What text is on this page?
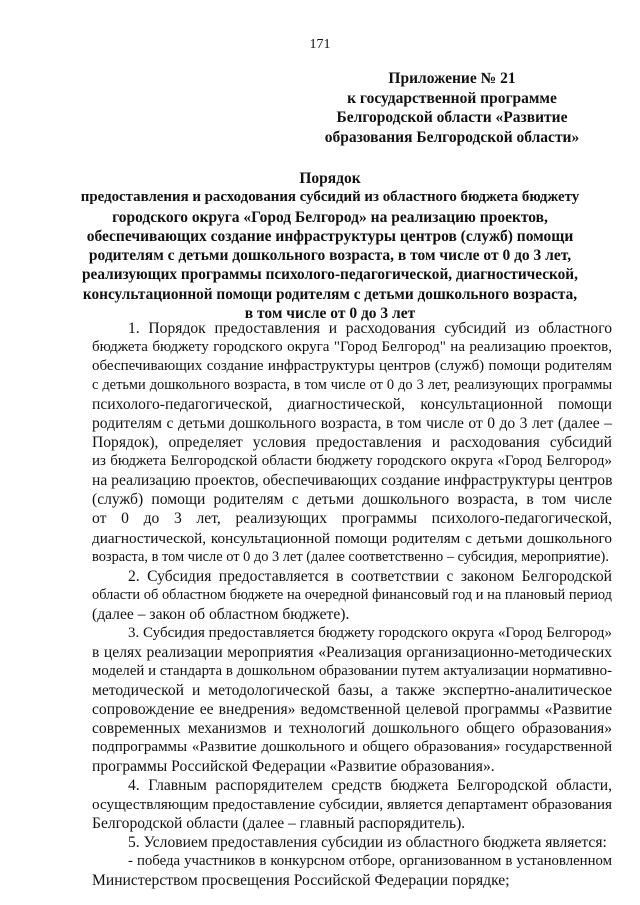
171
Приложение № 21
к государственной программе
Белгородской области «Развитие
образования Белгородской области»
Порядок
предоставления и расходования субсидий из областного бюджета бюджету
городского округа «Город Белгород» на реализацию проектов,
обеспечивающих создание инфраструктуры центров (служб) помощи
родителям с детьми дошкольного возраста, в том числе от 0 до 3 лет,
реализующих программы психолого-педагогической, диагностической,
консультационной помощи родителям с детьми дошкольного возраста,
в том числе от 0 до 3 лет
1. Порядок предоставления и расходования субсидий из областного
бюджета бюджету городского округа "Город Белгород" на реализацию проектов,
обеспечивающих создание инфраструктуры центров (служб) помощи родителям
с детьми дошкольного возраста, в том числе от 0 до 3 лет, реализующих программы
психолого-педагогической, диагностической, консультационной помощи
родителям с детьми дошкольного возраста, в том числе от 0 до 3 лет (далее –
Порядок), определяет условия предоставления и расходования субсидий
из бюджета Белгородской области бюджету городского округа «Город Белгород»
на реализацию проектов, обеспечивающих создание инфраструктуры центров
(служб) помощи родителям с детьми дошкольного возраста, в том числе
от 0 до 3 лет, реализующих программы психолого-педагогической,
диагностической, консультационной помощи родителям с детьми дошкольного
возраста, в том числе от 0 до 3 лет (далее соответственно – субсидия, мероприятие).
2. Субсидия предоставляется в соответствии с законом Белгородской
области об областном бюджете на очередной финансовый год и на плановый период
(далее – закон об областном бюджете).
3. Субсидия предоставляется бюджету городского округа «Город Белгород»
в целях реализации мероприятия «Реализация организационно-методических
моделей и стандарта в дошкольном образовании путем актуализации нормативно-
методической и методологической базы, а также экспертно-аналитическое
сопровождение ее внедрения» ведомственной целевой программы «Развитие
современных механизмов и технологий дошкольного общего образования»
подпрограммы «Развитие дошкольного и общего образования» государственной
программы Российской Федерации «Развитие образования».
4. Главным распорядителем средств бюджета Белгородской области,
осуществляющим предоставление субсидии, является департамент образования
Белгородской области (далее – главный распорядитель).
5. Условием предоставления субсидии из областного бюджета является:
- победа участников в конкурсном отборе, организованном в установленном
Министерством просвещения Российской Федерации порядке;
